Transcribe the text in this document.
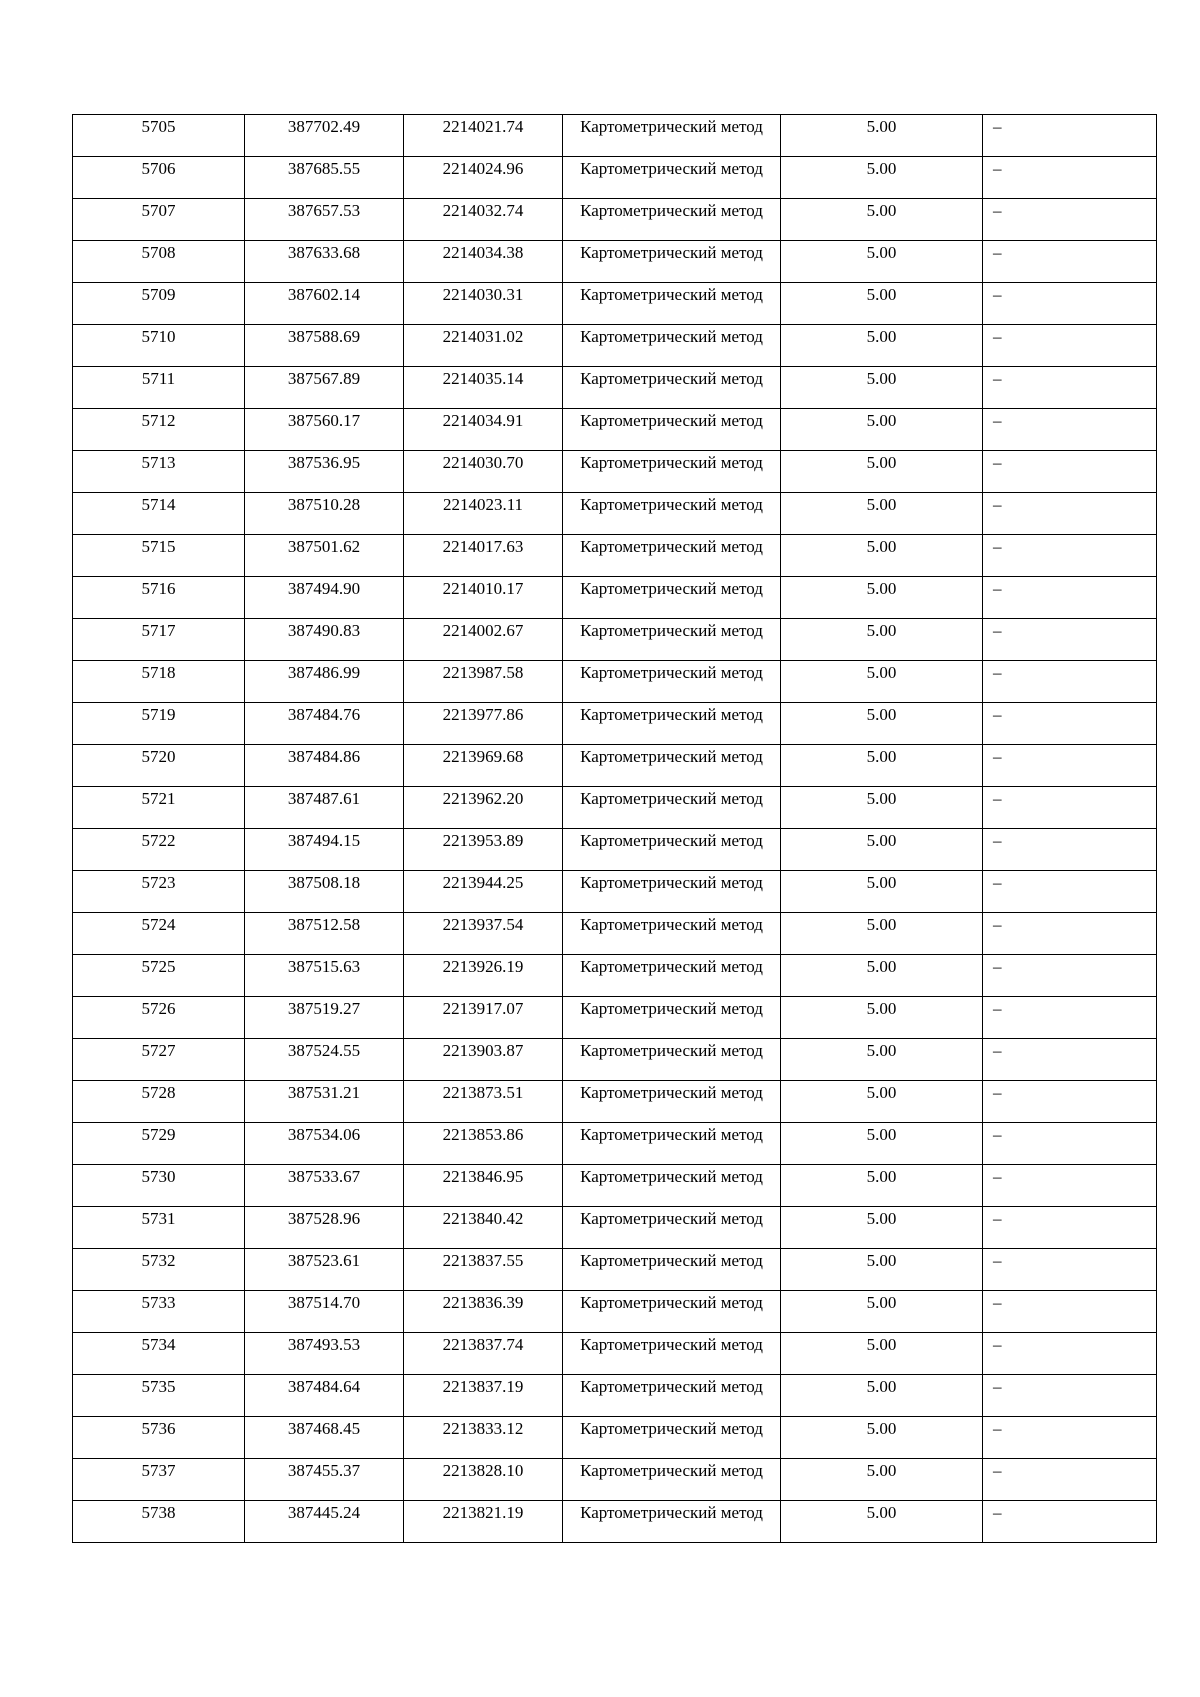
5705	387702.49	2214021.74	Картометрический метод	5.00	–
5706	387685.55	2214024.96	Картометрический метод	5.00	–
5707	387657.53	2214032.74	Картометрический метод	5.00	–
5708	387633.68	2214034.38	Картометрический метод	5.00	–
5709	387602.14	2214030.31	Картометрический метод	5.00	–
5710	387588.69	2214031.02	Картометрический метод	5.00	–
5711	387567.89	2214035.14	Картометрический метод	5.00	–
5712	387560.17	2214034.91	Картометрический метод	5.00	–
5713	387536.95	2214030.70	Картометрический метод	5.00	–
5714	387510.28	2214023.11	Картометрический метод	5.00	–
5715	387501.62	2214017.63	Картометрический метод	5.00	–
5716	387494.90	2214010.17	Картометрический метод	5.00	–
5717	387490.83	2214002.67	Картометрический метод	5.00	–
5718	387486.99	2213987.58	Картометрический метод	5.00	–
5719	387484.76	2213977.86	Картометрический метод	5.00	–
5720	387484.86	2213969.68	Картометрический метод	5.00	–
5721	387487.61	2213962.20	Картометрический метод	5.00	–
5722	387494.15	2213953.89	Картометрический метод	5.00	–
5723	387508.18	2213944.25	Картометрический метод	5.00	–
5724	387512.58	2213937.54	Картометрический метод	5.00	–
5725	387515.63	2213926.19	Картометрический метод	5.00	–
5726	387519.27	2213917.07	Картометрический метод	5.00	–
5727	387524.55	2213903.87	Картометрический метод	5.00	–
5728	387531.21	2213873.51	Картометрический метод	5.00	–
5729	387534.06	2213853.86	Картометрический метод	5.00	–
5730	387533.67	2213846.95	Картометрический метод	5.00	–
5731	387528.96	2213840.42	Картометрический метод	5.00	–
5732	387523.61	2213837.55	Картометрический метод	5.00	–
5733	387514.70	2213836.39	Картометрический метод	5.00	–
5734	387493.53	2213837.74	Картометрический метод	5.00	–
5735	387484.64	2213837.19	Картометрический метод	5.00	–
5736	387468.45	2213833.12	Картометрический метод	5.00	–
5737	387455.37	2213828.10	Картометрический метод	5.00	–
5738	387445.24	2213821.19	Картометрический метод	5.00	–
